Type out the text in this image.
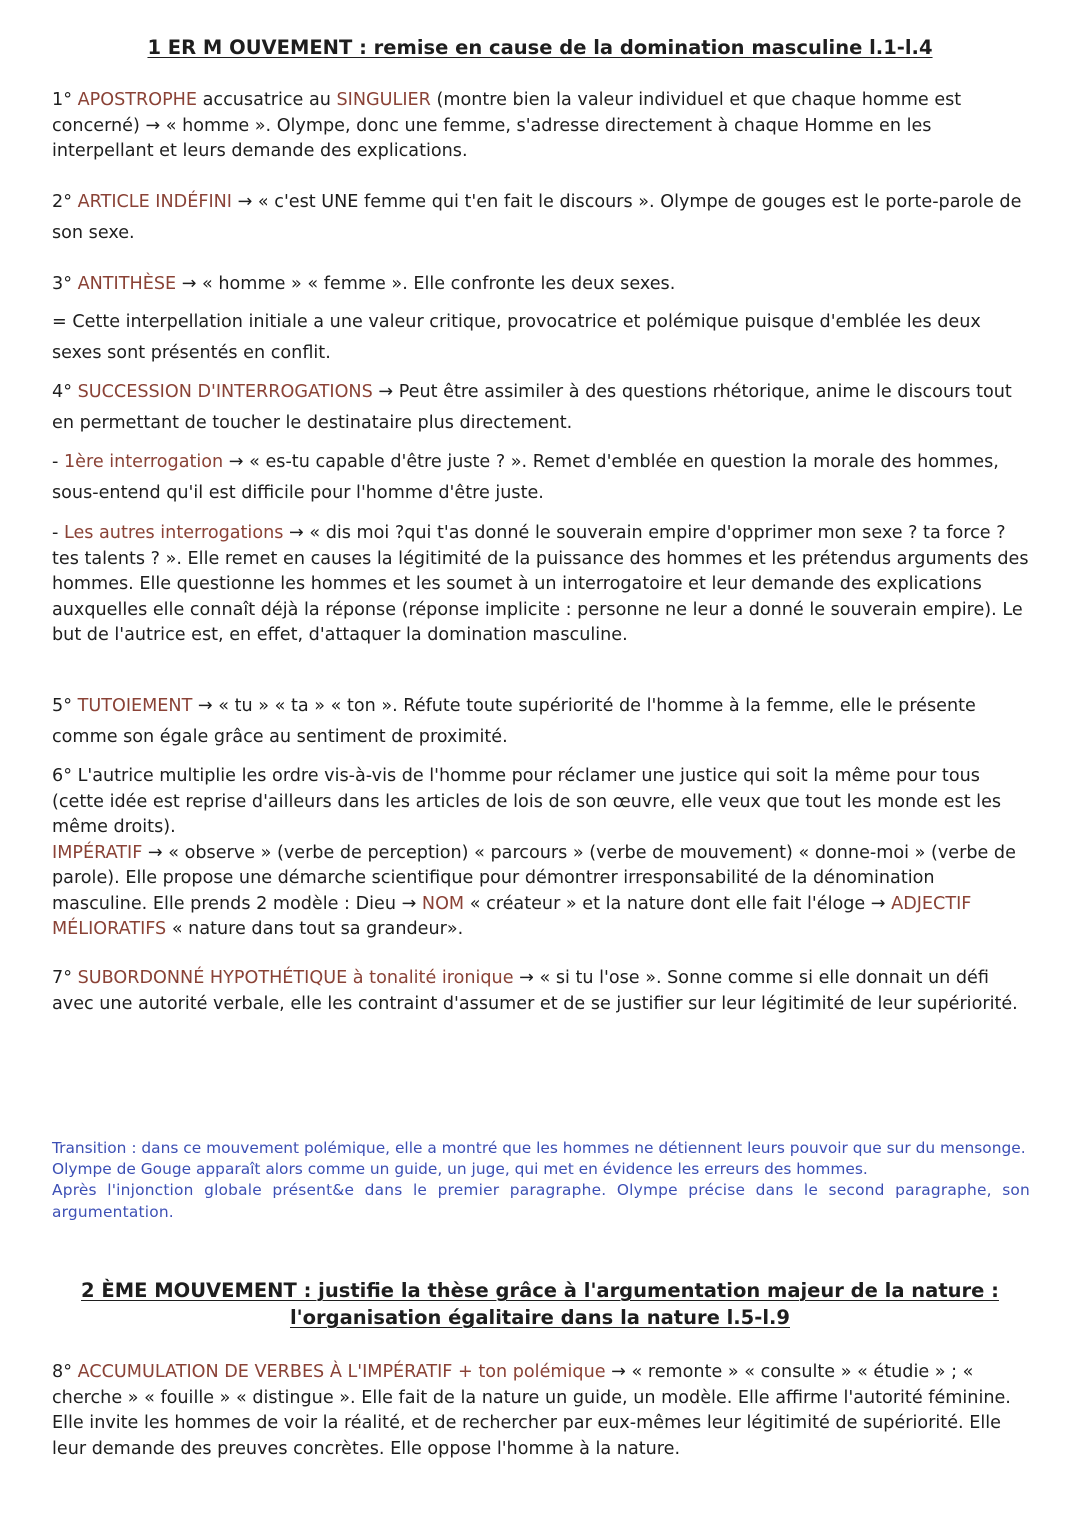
1 ER M OUVEMENT : remise en cause de la domination masculine l.1-l.4

1° APOSTROPHE accusatrice au SINGULIER (montre bien la valeur individuel et que chaque homme est concerné) → « homme ». Olympe, donc une femme, s'adresse directement à chaque Homme en les interpellant et leurs demande des explications.

2° ARTICLE INDÉFINI → « c'est UNE femme qui t'en fait le discours ». Olympe de gouges est le porte-parole de son sexe.

3° ANTITHÈSE → « homme » « femme ». Elle confronte les deux sexes.

= Cette interpellation initiale a une valeur critique, provocatrice et polémique puisque d'emblée les deux sexes sont présentés en conflit.

4° SUCCESSION D'INTERROGATIONS → Peut être assimiler à des questions rhétorique, anime le discours tout en permettant de toucher le destinataire plus directement.

- 1ère interrogation → « es-tu capable d'être juste ? ». Remet d'emblée en question la morale des hommes, sous-entend qu'il est difficile pour l'homme d'être juste.

- Les autres interrogations → « dis moi ?qui t'as donné le souverain empire d'opprimer mon sexe ? ta force ? tes talents ? ». Elle remet en causes la légitimité de la puissance des hommes et les prétendus arguments des hommes. Elle questionne les hommes et les soumet à un interrogatoire et leur demande des explications auxquelles elle connaît déjà la réponse (réponse implicite : personne ne leur a donné le souverain empire). Le but de l'autrice est, en effet, d'attaquer la domination masculine.

5° TUTOIEMENT → « tu » « ta » « ton ». Réfute toute supériorité de l'homme à la femme, elle le présente comme son égale grâce au sentiment de proximité.

6° L'autrice multiplie les ordre vis-à-vis de l'homme pour réclamer une justice qui soit la même pour tous (cette idée est reprise d'ailleurs dans les articles de lois de son œuvre, elle veux que tout les monde est les même droits).
IMPÉRATIF → « observe » (verbe de perception) « parcours » (verbe de mouvement) « donne-moi » (verbe de parole). Elle propose une démarche scientifique pour démontrer irresponsabilité de la dénomination masculine. Elle prends 2 modèle : Dieu → NOM « créateur » et la nature dont elle fait l'éloge → ADJECTIF MÉLIORATIFS « nature dans tout sa grandeur».

7° SUBORDONNÉ HYPOTHÉTIQUE à tonalité ironique → « si tu l'ose ». Sonne comme si elle donnait un défi avec une autorité verbale, elle les contraint d'assumer et de se justifier sur leur légitimité de leur supériorité.

Transition : dans ce mouvement polémique, elle a montré que les hommes ne détiennent leurs pouvoir que sur du mensonge. Olympe de Gouge apparaît alors comme un guide, un juge, qui met en évidence les erreurs des hommes.
Après l'injonction globale présent&e dans le premier paragraphe. Olympe précise dans le second paragraphe, son argumentation.
2 ÈME MOUVEMENT : justifie la thèse grâce à l'argumentation majeur de la nature :
l'organisation égalitaire dans la nature l.5-l.9

8° ACCUMULATION DE VERBES À L'IMPÉRATIF + ton polémique → « remonte » « consulte » « étudie » ; « cherche » « fouille » « distingue ». Elle fait de la nature un guide, un modèle. Elle affirme l'autorité féminine. Elle invite les hommes de voir la réalité, et de rechercher par eux-mêmes leur légitimité de supériorité. Elle leur demande des preuves concrètes. Elle oppose l'homme à la nature.
